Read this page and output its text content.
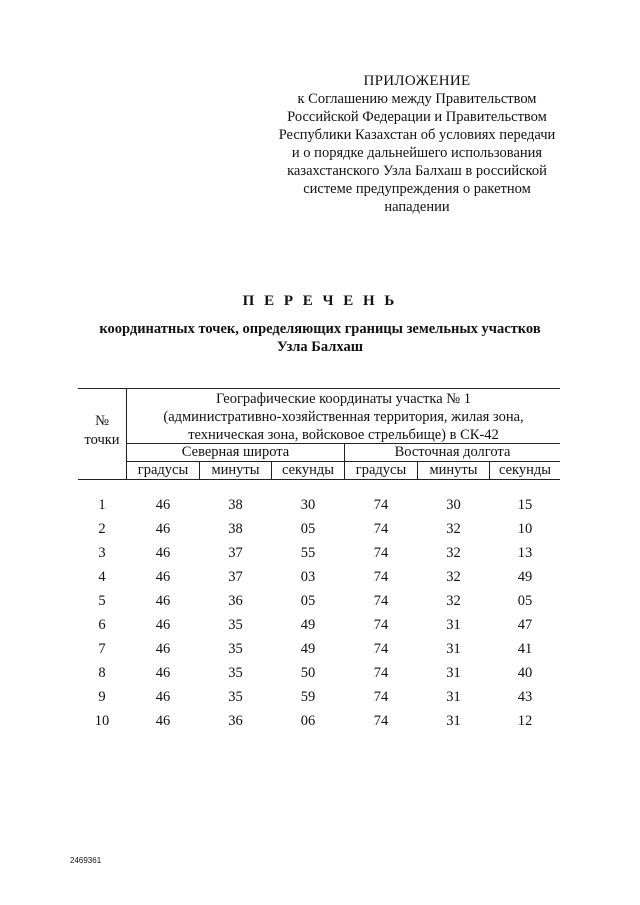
ПРИЛОЖЕНИЕ
к Соглашению между Правительством
Российской Федерации и Правительством
Республики Казахстан об условиях передачи
и о порядке дальнейшего использования
казахстанского Узла Балхаш в российской
системе предупреждения о ракетном
нападении
П Е Р Е Ч Е Н Ь
координатных точек, определяющих границы земельных участков
Узла Балхаш
№
точки
Географические координаты участка № 1
(административно-хозяйственная территория, жилая зона,
техническая зона, войсковое стрельбище) в СК-42
Северная широта	Восточная долгота
градусы	минуты	секунды	градусы	минуты	секунды
1	46	38	30	74	30	15
2	46	38	05	74	32	10
3	46	37	55	74	32	13
4	46	37	03	74	32	49
5	46	36	05	74	32	05
6	46	35	49	74	31	47
7	46	35	49	74	31	41
8	46	35	50	74	31	40
9	46	35	59	74	31	43
10	46	36	06	74	31	12
2469361
